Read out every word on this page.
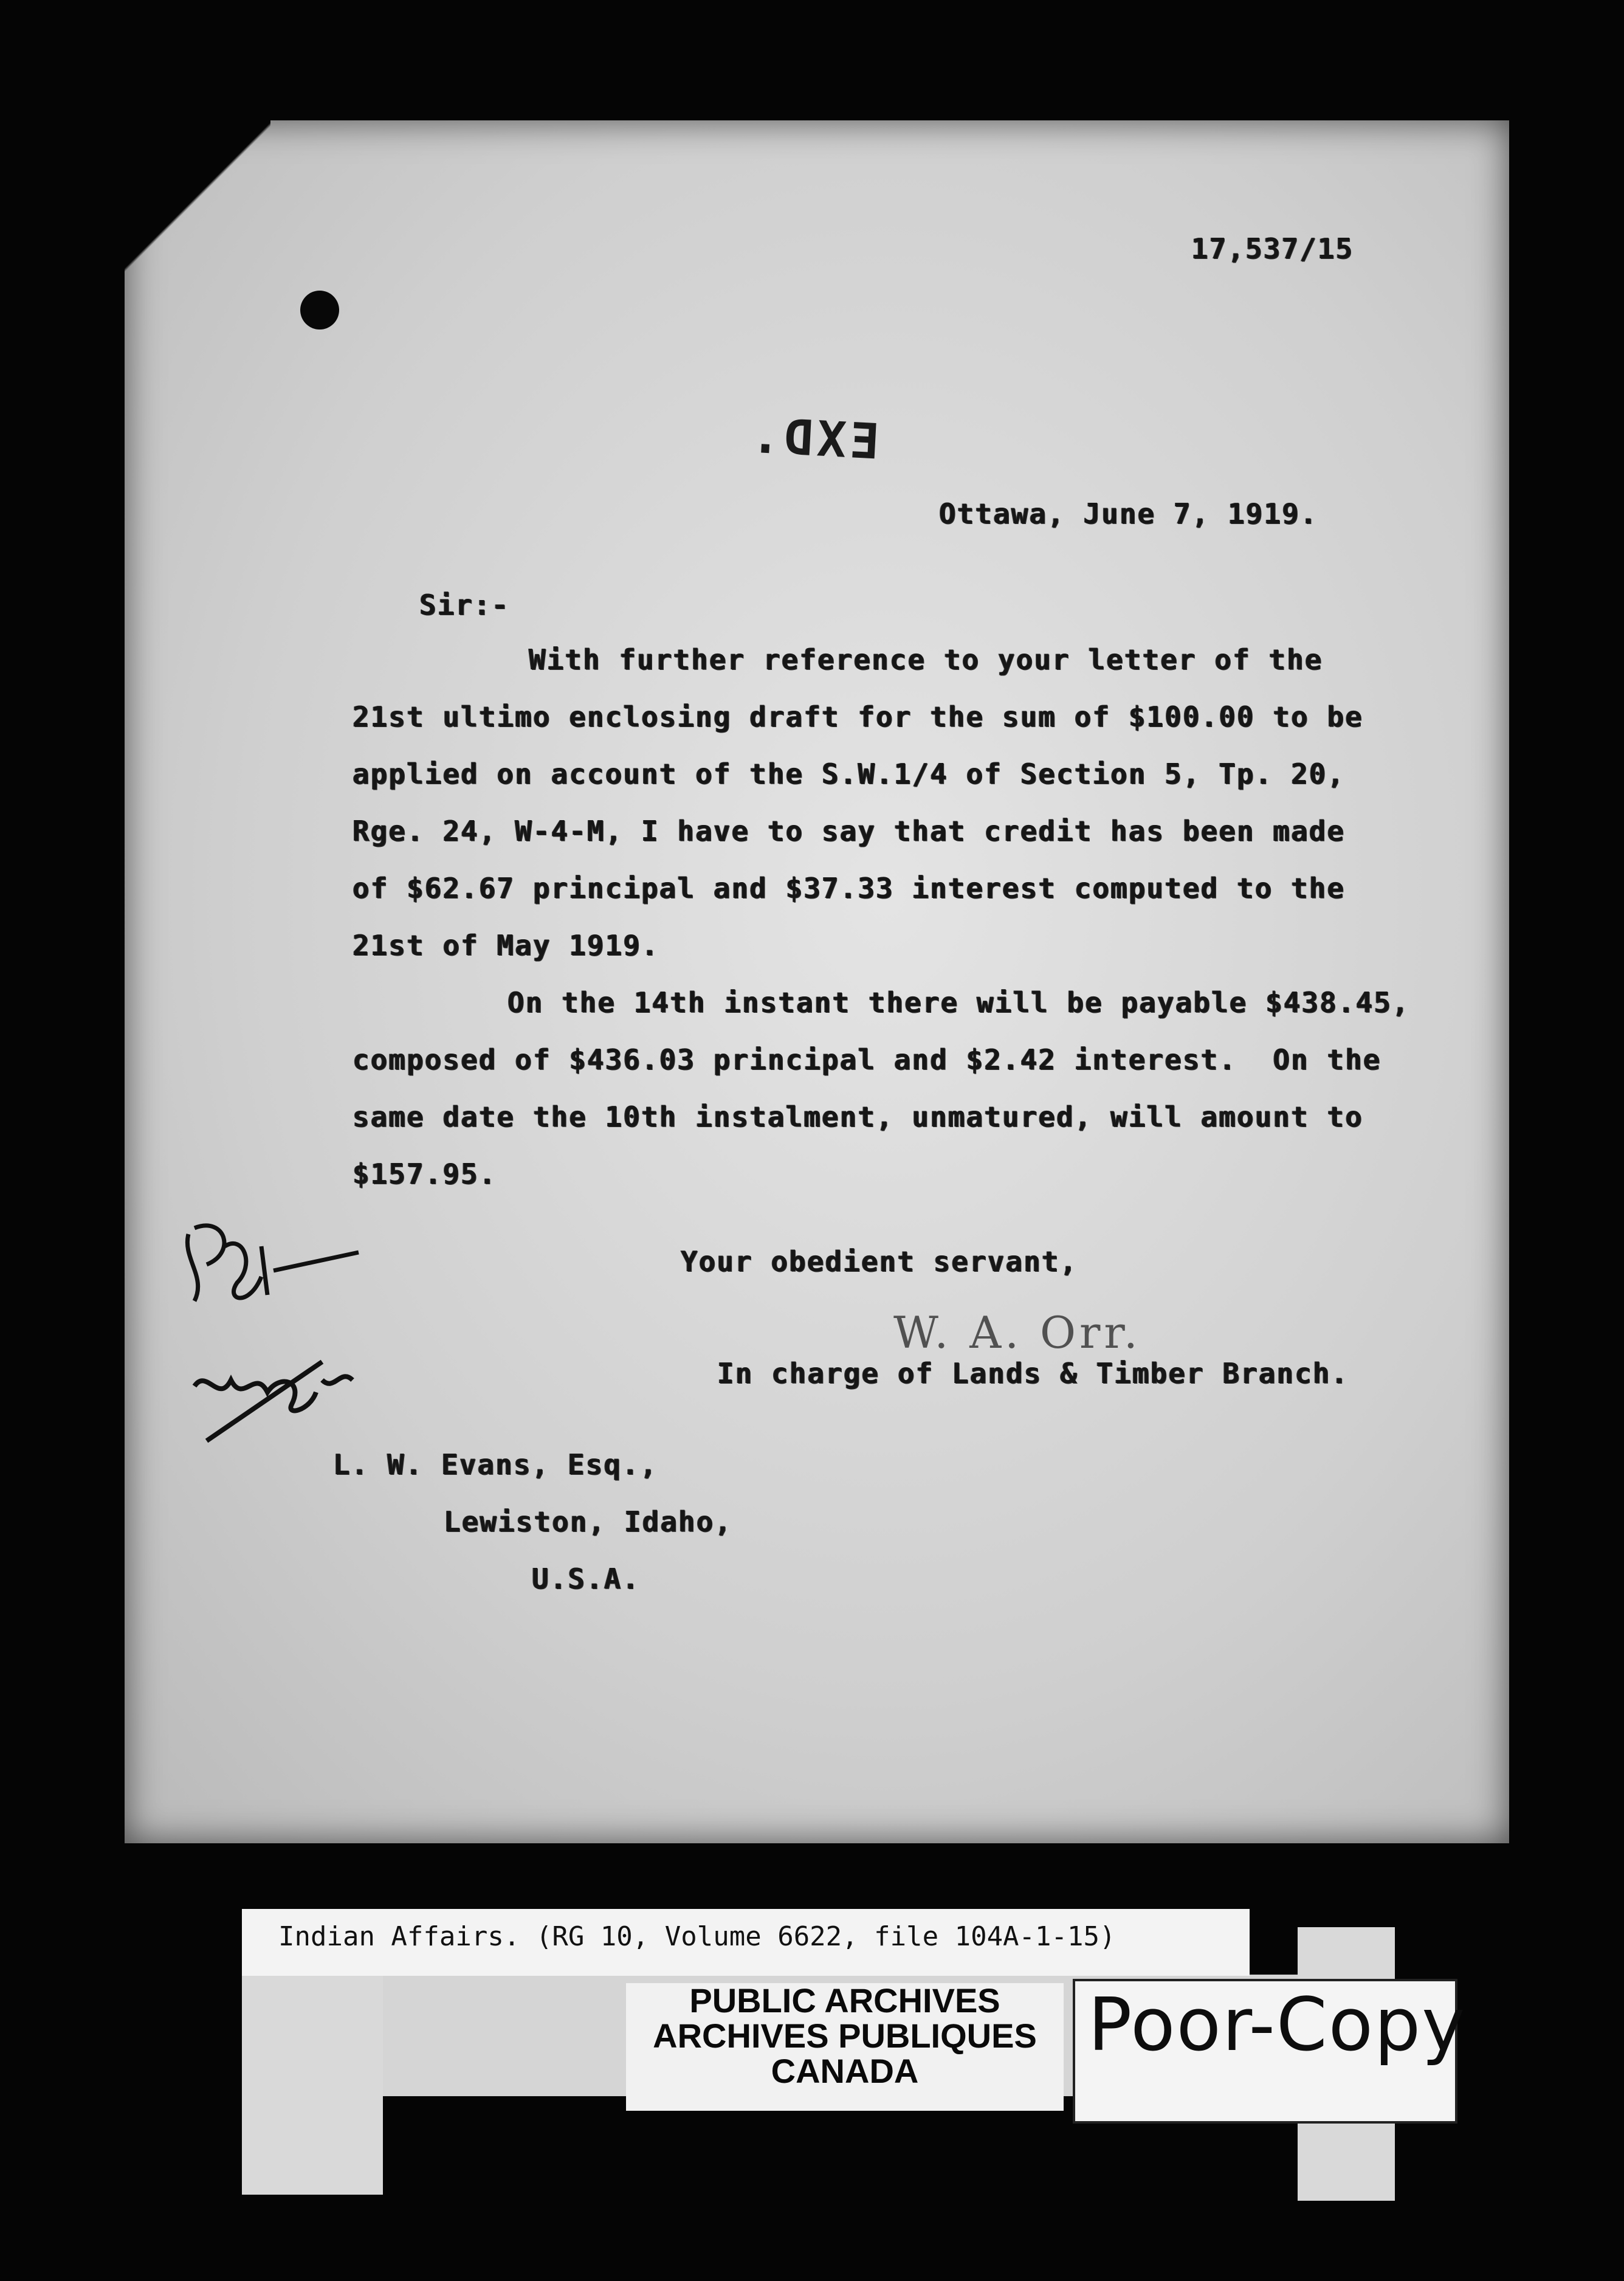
17,537/15
EXD.
Ottawa, June 7, 1919.
Sir:-
With further reference to your letter of the
21st ultimo enclosing draft for the sum of $100.00 to be
applied on account of the S.W.1/4 of Section 5, Tp. 20,
Rge. 24, W-4-M, I have to say that credit has been made
of $62.67 principal and $37.33 interest computed to the
21st of May 1919.
On the 14th instant there will be payable $438.45,
composed of $436.03 principal and $2.42 interest.  On the
same date the 10th instalment, unmatured, will amount to
$157.95.
Your obedient servant,
W. A. Orr.
In charge of Lands & Timber Branch.
L. W. Evans, Esq.,
Lewiston, Idaho,
U.S.A.
Indian Affairs. (RG 10, Volume 6622, file 104A-1-15)
PUBLIC ARCHIVES
ARCHIVES PUBLIQUES
CANADA
Poor-Copy
